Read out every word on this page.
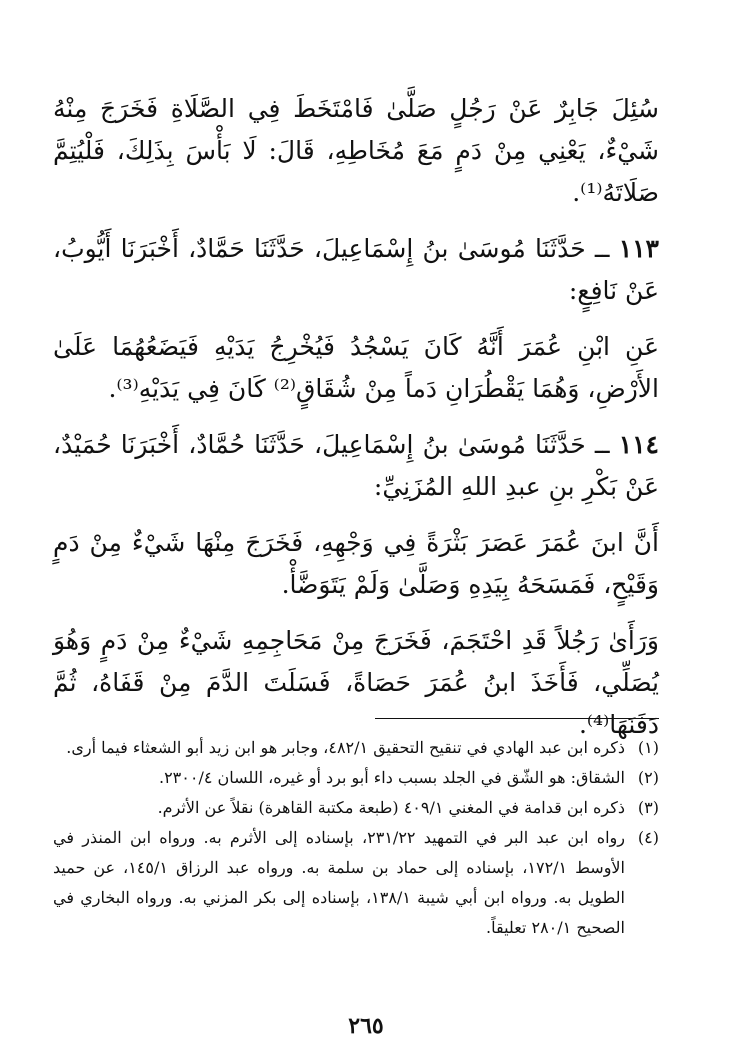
سُئِلَ جَابِرٌ عَنْ رَجُلٍ صَلَّىٰ فَامْتَخَطَ فِي الصَّلَاةِ فَخَرَجَ مِنْهُ شَيْءٌ، يَعْنِي مِنْ دَمٍ مَعَ مُخَاطِهِ، قَالَ: لَا بَأْسَ بِذَلِكَ، فَلْيُتِمَّ صَلَاتَهُ⁽¹⁾.

١١٣ ــ حَدَّثَنَا مُوسَىٰ بنُ إِسْمَاعِيلَ، حَدَّثَنَا حَمَّادٌ، أَخْبَرَنَا أَيُّوبُ، عَنْ نَافِعٍ:

عَنِ ابْنِ عُمَرَ أَنَّهُ كَانَ يَسْجُدُ فَيُخْرِجُ يَدَيْهِ فَيَضَعُهُمَا عَلَىٰ الأَرْضِ، وَهُمَا يَقْطُرَانِ دَماً مِنْ شُقَاقٍ⁽²⁾ كَانَ فِي يَدَيْهِ⁽³⁾.

١١٤ ــ حَدَّثَنَا مُوسَىٰ بنُ إِسْمَاعِيلَ، حَدَّثَنَا حُمَّادٌ، أَخْبَرَنَا حُمَيْدٌ، عَنْ بَكْرِ بنِ عبدِ اللهِ المُزَنِيِّ:

أَنَّ ابنَ عُمَرَ عَصَرَ بَثْرَةً فِي وَجْهِهِ، فَخَرَجَ مِنْهَا شَيْءٌ مِنْ دَمٍ وَقَيْحٍ، فَمَسَحَهُ بِيَدِهِ وَصَلَّىٰ وَلَمْ يَتَوَضَّأْ.

وَرَأَىٰ رَجُلاً قَدِ احْتَجَمَ، فَخَرَجَ مِنْ مَحَاجِمِهِ شَيْءٌ مِنْ دَمٍ وَهُوَ يُصَلِّي، فَأَخَذَ ابنُ عُمَرَ حَصَاةً، فَسَلَتَ الدَّمَ مِنْ قَفَاهُ، ثُمَّ دَفَنَهَا⁽⁴⁾.

(١)
ذكره ابن عبد الهادي في تنقيح التحقيق ٤٨٢/١، وجابر هو ابن زيد أبو الشعثاء فيما أرى.
(٢)
الشقاق: هو الشّق في الجلد بسبب داء أبو برد أو غيره، اللسان ٢٣٠٠/٤.
(٣)
ذكره ابن قدامة في المغني ٤٠٩/١ (طبعة مكتبة القاهرة) نقلاً عن الأثرم.
(٤)
رواه ابن عبد البر في التمهيد ٢٣١/٢٢، بإسناده إلى الأثرم به. ورواه ابن المنذر في الأوسط ١٧٢/١، بإسناده إلى حماد بن سلمة به. ورواه عبد الرزاق ١٤٥/١، عن حميد الطويل به. ورواه ابن أبي شيبة ١٣٨/١، بإسناده إلى بكر المزني به. ورواه البخاري في الصحيح ٢٨٠/١ تعليقاً.
٢٦٥
